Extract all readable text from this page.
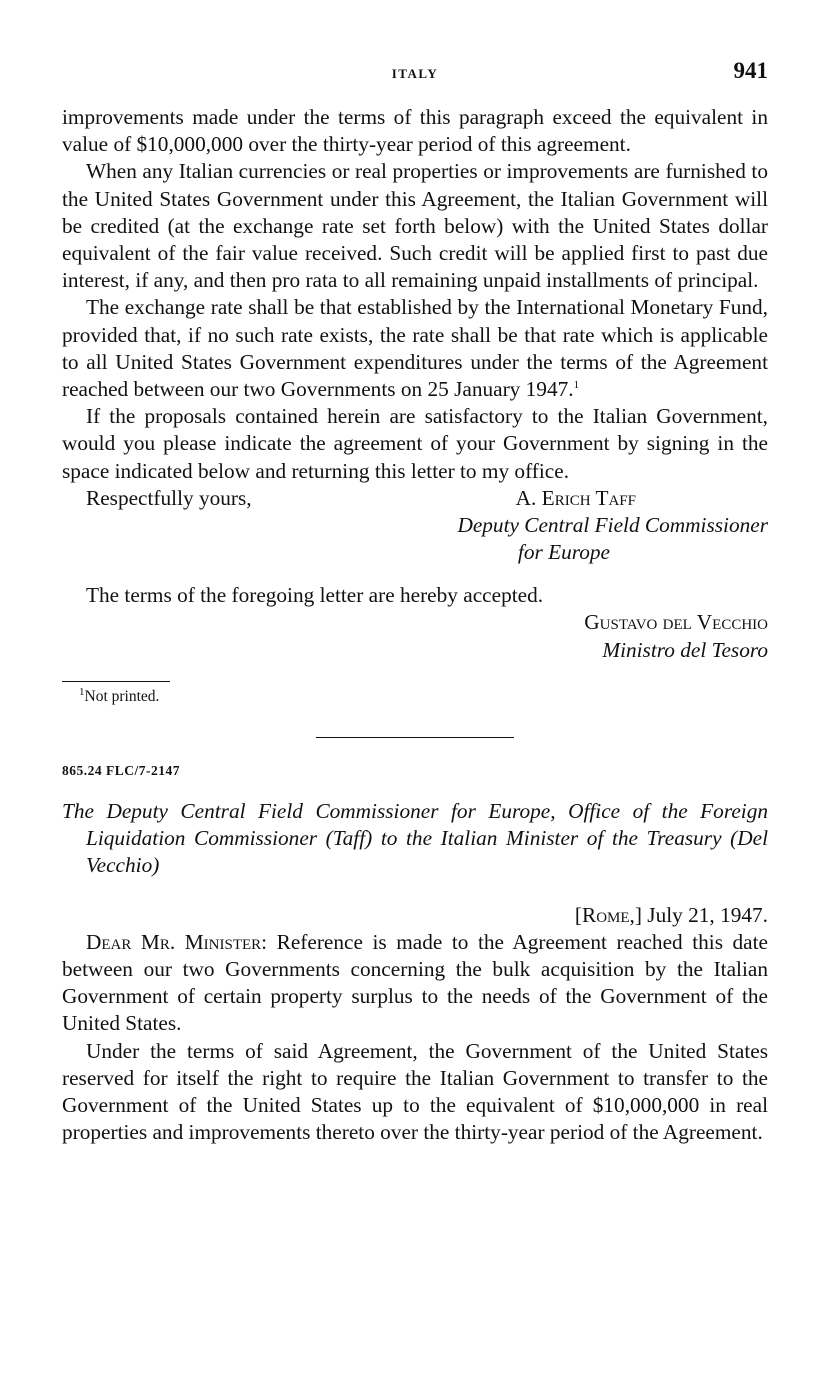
ITALY	941

improvements made under the terms of this paragraph exceed the equivalent in value of $10,000,000 over the thirty-year period of this agreement.

When any Italian currencies or real properties or improvements are furnished to the United States Government under this Agreement, the Italian Government will be credited (at the exchange rate set forth below) with the United States dollar equivalent of the fair value received. Such credit will be applied first to past due interest, if any, and then pro rata to all remaining unpaid installments of principal.

The exchange rate shall be that established by the International Monetary Fund, provided that, if no such rate exists, the rate shall be that rate which is applicable to all United States Government expenditures under the terms of the Agreement reached between our two Governments on 25 January 1947.$^1$

If the proposals contained herein are satisfactory to the Italian Government, would you please indicate the agreement of your Government by signing in the space indicated below and returning this letter to my office.

Respectfully yours,	A. Erich Taff
Deputy Central Field Commissioner
for Europe

The terms of the foregoing letter are hereby accepted.

Gustavo del Vecchio
Ministro del Tesoro
$^1$Not printed.
865.24 FLC/7-2147

The Deputy Central Field Commissioner for Europe, Office of the Foreign Liquidation Commissioner (Taff) to the Italian Minister of the Treasury (Del Vecchio)

[Rome,] July 21, 1947.

Dear Mr. Minister: Reference is made to the Agreement reached this date between our two Governments concerning the bulk acquisition by the Italian Government of certain property surplus to the needs of the Government of the United States.

Under the terms of said Agreement, the Government of the United States reserved for itself the right to require the Italian Government to transfer to the Government of the United States up to the equivalent of $10,000,000 in real properties and improvements thereto over the thirty-year period of the Agreement.
